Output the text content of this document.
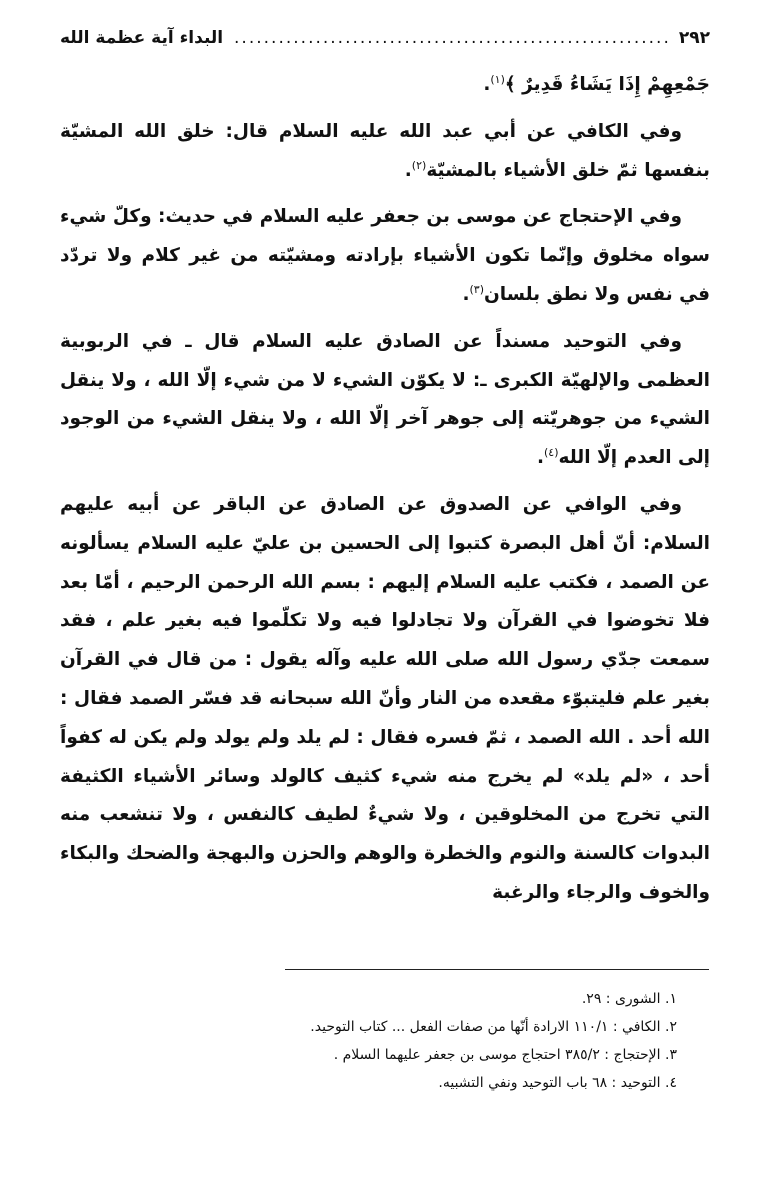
٢٩٢
.....
البداء آية عظمة الله

جَمْعِهِمْ إِذَا يَشَاءُ قَدِيرٌ ﴾$^{(١)}$.

وفي الكافي عن أبي عبد الله عليه السلام قال: خلق الله المشيّة بنفسها ثمّ خلق الأشياء بالمشيّة$^{(٢)}$.

وفي الإحتجاج عن موسى بن جعفر عليه السلام في حديث: وكلّ شيء سواه مخلوق وإنّما تكون الأشياء بإرادته ومشيّته من غير كلام ولا تردّد في نفس ولا نطق بلسان$^{(٣)}$.

وفي التوحيد مسنداً عن الصادق عليه السلام قال ـ في الربوبية العظمى والإلهيّة الكبرى ـ: لا يكوّن الشيء لا من شيء إلّا الله ، ولا ينقل الشيء من جوهريّته إلى جوهر آخر إلّا الله ، ولا ينقل الشيء من الوجود إلى العدم إلّا الله$^{(٤)}$.

وفي الوافي عن الصدوق عن الصادق عن الباقر عن أبيه عليهم السلام: أنّ أهل البصرة كتبوا إلى الحسين بن عليّ عليه السلام يسألونه عن الصمد ، فكتب عليه السلام إليهم : بسم الله الرحمن الرحيم ، أمّا بعد فلا تخوضوا في القرآن ولا تجادلوا فيه ولا تكلّموا فيه بغير علم ، فقد سمعت جدّي رسول الله صلى الله عليه وآله يقول : من قال في القرآن بغير علم فليتبوّء مقعده من النار وأنّ الله سبحانه قد فسّر الصمد فقال : الله أحد . الله الصمد ، ثمّ فسره فقال : لم يلد ولم يولد ولم يكن له كفواً أحد ، «لم يلد» لم يخرج منه شيء كثيف كالولد وسائر الأشياء الكثيفة التي تخرج من المخلوقين ، ولا شيءٌ لطيف كالنفس ، ولا تنشعب منه البدوات كالسنة والنوم والخطرة والوهم والحزن والبهجة والضحك والبكاء والخوف والرجاء والرغبة

١. الشورى : ٢٩.
٢. الكافي : ١١٠/١ الارادة أنّها من صفات الفعل ... كتاب التوحيد.
٣. الإحتجاج : ٣٨٥/٢ احتجاج موسى بن جعفر عليهما السلام .
٤. التوحيد : ٦٨ باب التوحيد ونفي التشبيه.
